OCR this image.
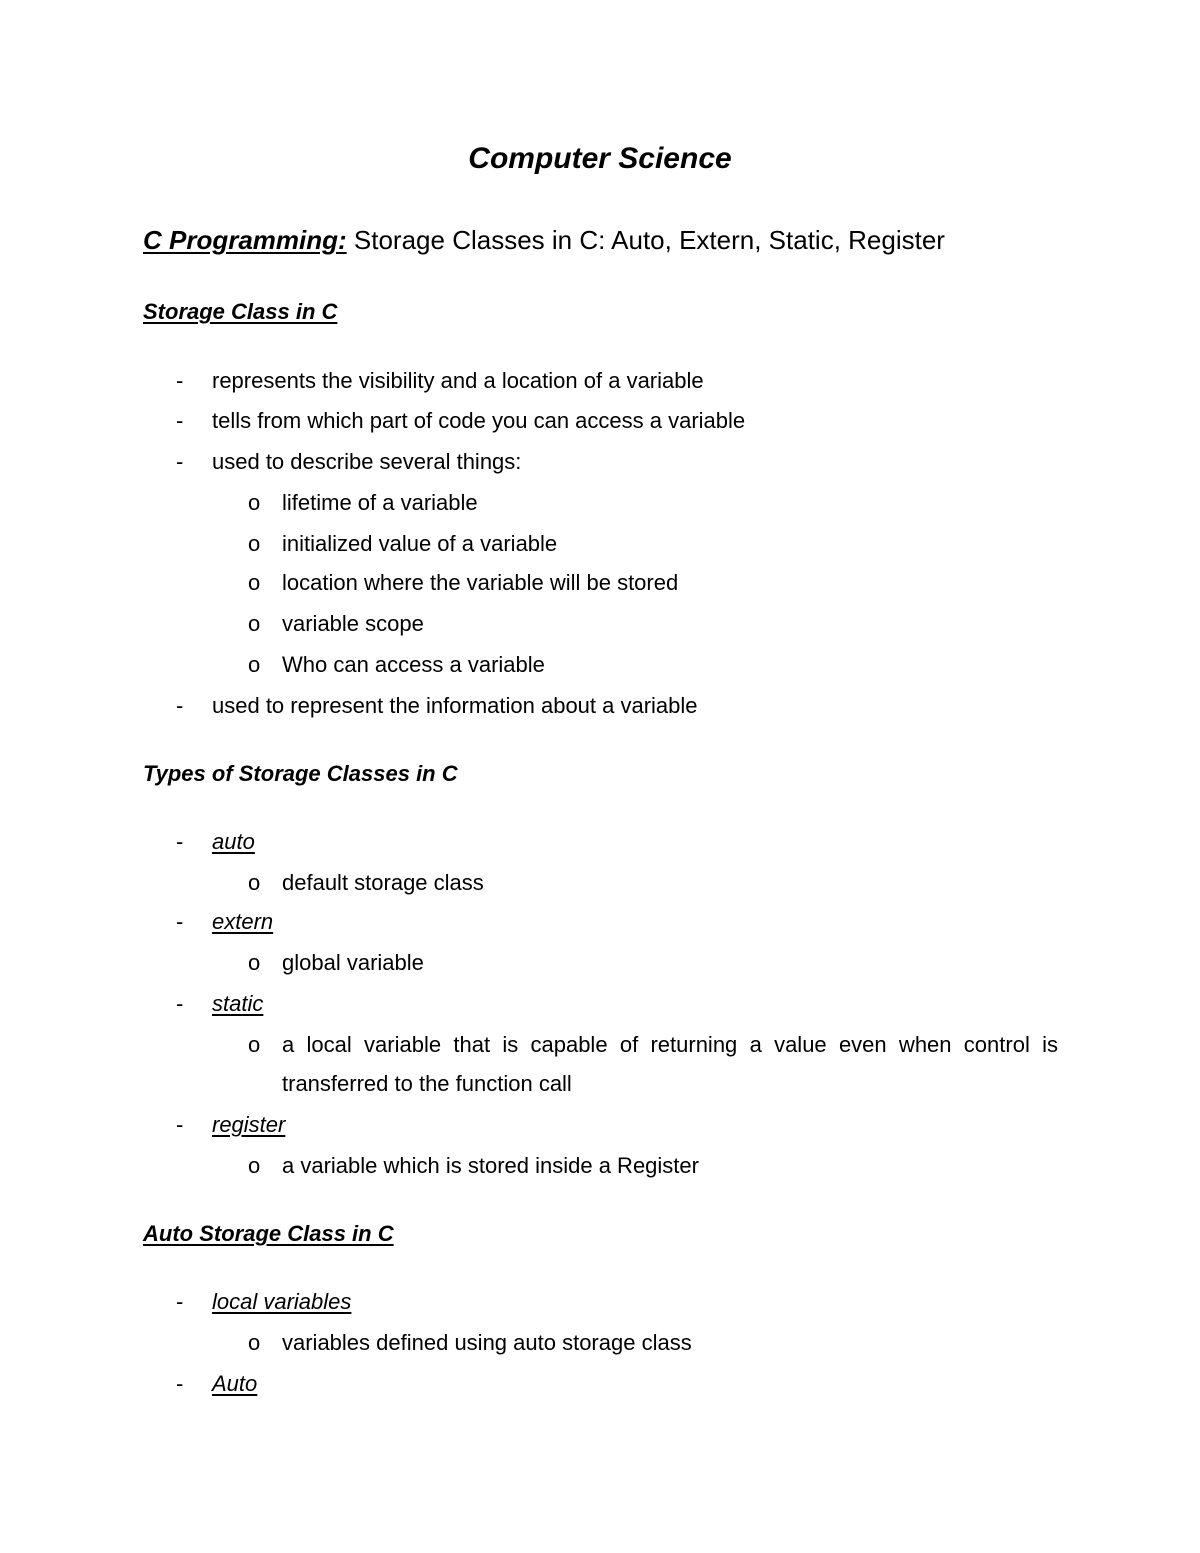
Computer Science
C Programming: Storage Classes in C: Auto, Extern, Static, Register
Storage Class in C
- represents the visibility and a location of a variable
- tells from which part of code you can access a variable
- used to describe several things:
o lifetime of a variable
o initialized value of a variable
o location where the variable will be stored
o variable scope
o Who can access a variable
- used to represent the information about a variable
Types of Storage Classes in C
- auto
o default storage class
- extern
o global variable
- static
o a local variable that is capable of returning a value even when control is
transferred to the function call
- register
o a variable which is stored inside a Register
Auto Storage Class in C
- local variables
o variables defined using auto storage class
- Auto
